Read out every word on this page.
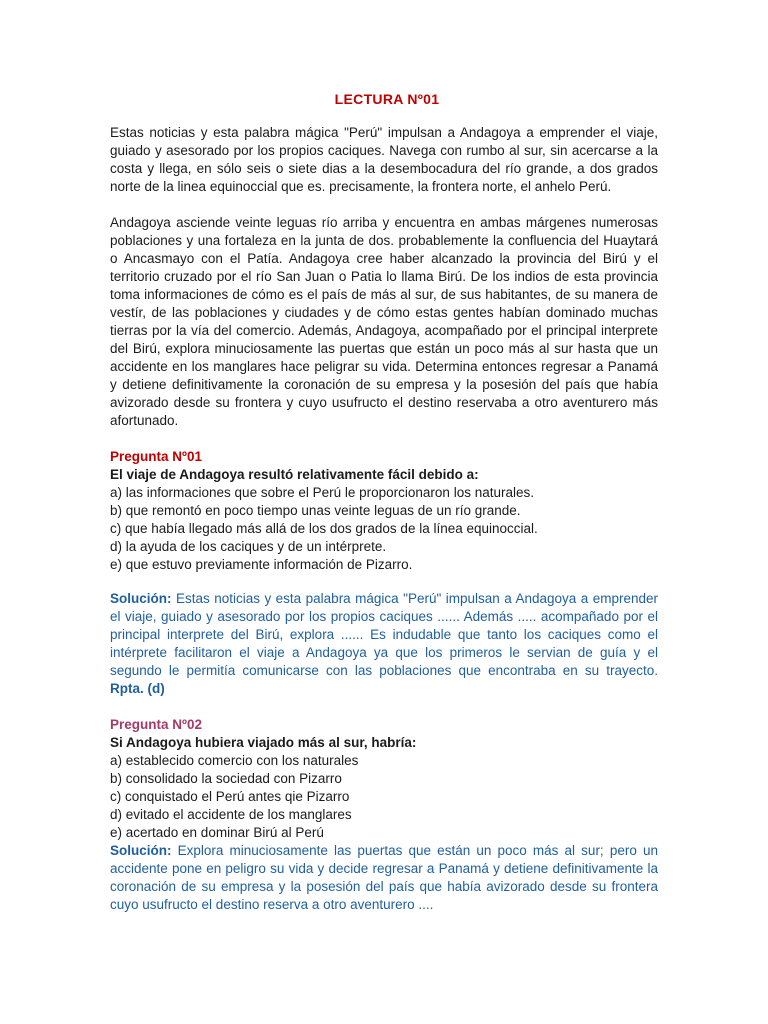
LECTURA Nº01

Estas noticias y esta palabra mágica "Perú" impulsan a Andagoya a emprender el viaje, guiado y asesorado por los propios caciques. Navega con rumbo al sur, sin acercarse a la costa y llega, en sólo seis o siete dias a la desembocadura del río grande, a dos grados norte de la linea equinoccial que es. precisamente, la frontera norte, el anhelo Perú.

Andagoya asciende veinte leguas río arriba y encuentra en ambas márgenes numerosas poblaciones y una fortaleza en la junta de dos. probablemente la confluencia del Huaytará o Ancasmayo con el Patía. Andagoya cree haber alcanzado la provincia del Birú y el territorio cruzado por el río San Juan o Patia lo llama Birú. De los indios de esta provincia toma informaciones de cómo es el país de más al sur, de sus habitantes, de su manera de vestír, de las poblaciones y ciudades y de cómo estas gentes habían dominado muchas tierras por la vía del comercio. Además, Andagoya, acompañado por el principal interprete del Birú, explora minuciosamente las puertas que están un poco más al sur hasta que un accidente en los manglares hace peligrar su vida. Determina entonces regresar a Panamá y detiene definitivamente la coronación de su empresa y la posesión del país que había avizorado desde su frontera y cuyo usufructo el destino reservaba a otro aventurero más afortunado.

Pregunta Nº01

El viaje de Andagoya resultó relativamente fácil debido a:

a) las informaciones que sobre el Perú le proporcionaron los naturales.

b) que remontó en poco tiempo unas veinte leguas de un río grande.

c) que había llegado más allá de los dos grados de la línea equinoccial.

d) la ayuda de los caciques y de un intérprete.

e) que estuvo previamente información de Pizarro.

Solución: Estas noticias y esta palabra mágica "Perú" impulsan a Andagoya a emprender el viaje, guiado y asesorado por los propios caciques ...... Además ..... acompañado por el principal interprete del Birú, explora ...... Es indudable que tanto los caciques como el intérprete facilitaron el viaje a Andagoya ya que los primeros le servian de guía y el segundo le permitía comunicarse con las poblaciones que encontraba en su trayecto. Rpta. (d)

Pregunta Nº02

Si Andagoya hubiera viajado más al sur, habría:

a) establecido comercio con los naturales

b) consolidado la sociedad con Pizarro

c) conquistado el Perú antes qie Pizarro

d) evitado el accidente de los manglares

e) acertado en dominar Birú al Perú

Solución: Explora minuciosamente las puertas que están un poco más al sur; pero un accidente pone en peligro su vida y decide regresar a Panamá y detiene definitivamente la coronación de su empresa y la posesión del país que había avizorado desde su frontera cuyo usufructo el destino reserva a otro aventurero ....
